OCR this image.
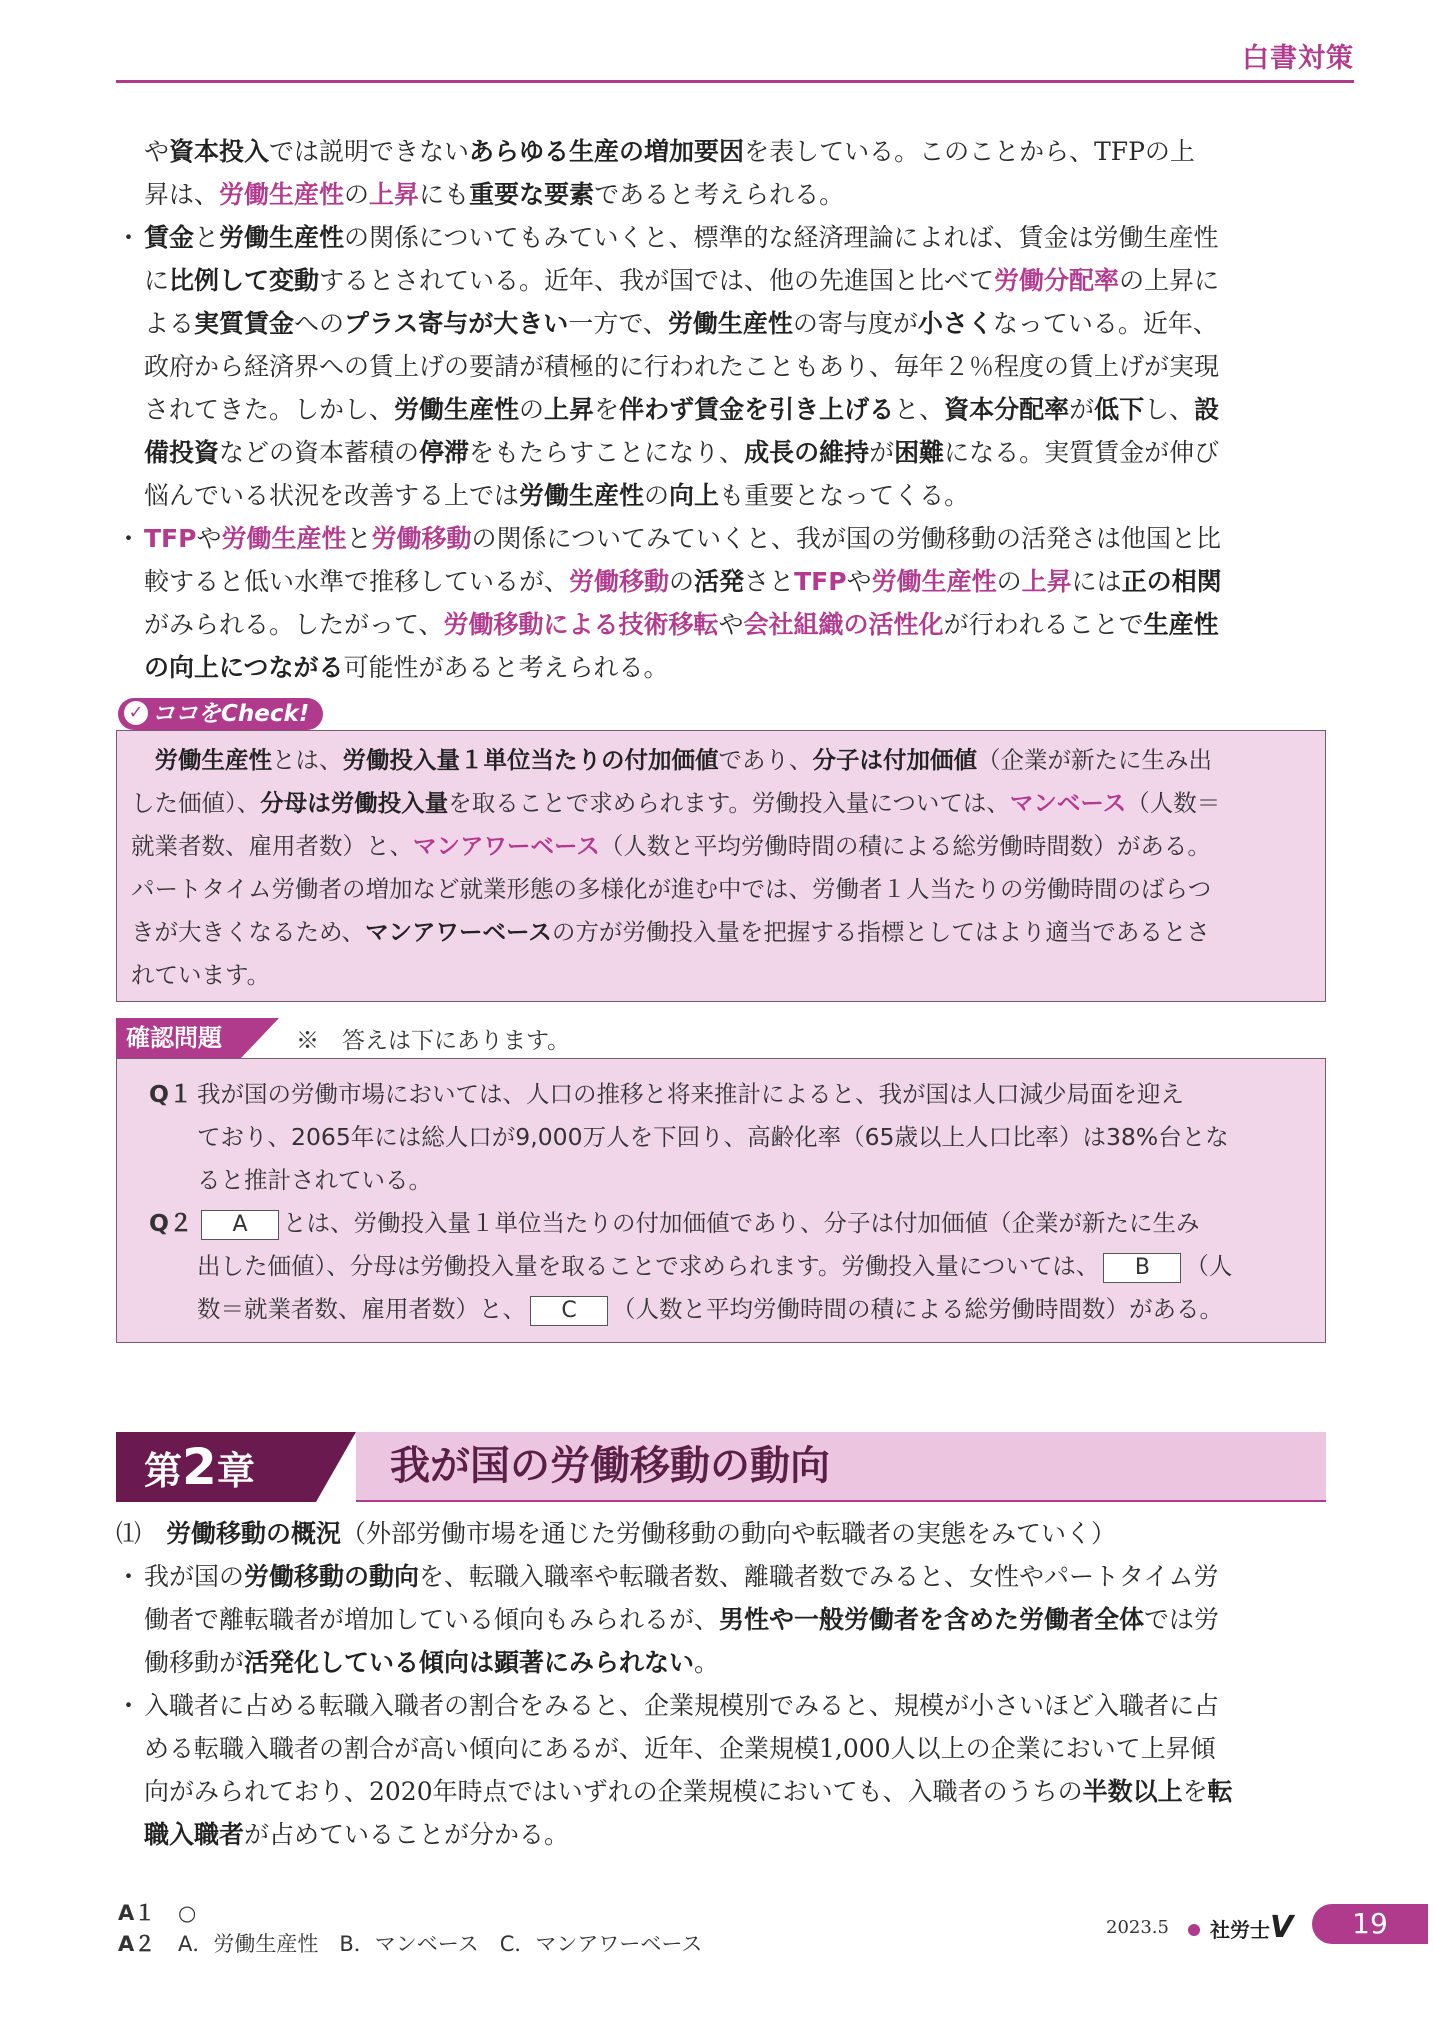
白書対策

や資本投入では説明できないあらゆる生産の増加要因を表している。このことから、TFPの上
昇は、労働生産性の上昇にも重要な要素であると考えられる。

・ 賃金と労働生産性の関係についてもみていくと、標準的な経済理論によれば、賃金は労働生産性
に比例して変動するとされている。近年、我が国では、他の先進国と比べて労働分配率の上昇に
よる実質賃金へのプラス寄与が大きい一方で、労働生産性の寄与度が小さくなっている。近年、
政府から経済界への賃上げの要請が積極的に行われたこともあり、毎年２％程度の賃上げが実現
されてきた。しかし、労働生産性の上昇を伴わず賃金を引き上げると、資本分配率が低下し、設
備投資などの資本蓄積の停滞をもたらすことになり、成長の維持が困難になる。実質賃金が伸び
悩んでいる状況を改善する上では労働生産性の向上も重要となってくる。

・ TFPや労働生産性と労働移動の関係についてみていくと、我が国の労働移動の活発さは他国と比
較すると低い水準で推移しているが、労働移動の活発さとTFPや労働生産性の上昇には正の相関
がみられる。したがって、労働移動による技術移転や会社組織の活性化が行われることで生産性
の向上につながる可能性があると考えられる。

✓ ココをCheck!
　労働生産性とは、労働投入量１単位当たりの付加価値であり、分子は付加価値（企業が新たに生み出
した価値）、分母は労働投入量を取ることで求められます。労働投入量については、マンベース（人数＝
就業者数、雇用者数）と、マンアワーベース（人数と平均労働時間の積による総労働時間数）がある。
パートタイム労働者の増加など就業形態の多様化が進む中では、労働者１人当たりの労働時間のばらつ
きが大きくなるため、マンアワーベースの方が労働投入量を把握する指標としてはより適当であるとさ
れています。
確認問題	※　答えは下にあります。
Q１ 我が国の労働市場においては、人口の推移と将来推計によると、我が国は人口減少局面を迎え
ており、2065年には総人口が9,000万人を下回り、高齢化率（65歳以上人口比率）は38%台とな
ると推計されている。
Q２ A とは、労働投入量１単位当たりの付加価値であり、分子は付加価値（企業が新たに生み
出した価値）、分母は労働投入量を取ることで求められます。労働投入量については、 B （人
数＝就業者数、雇用者数）と、 C （人数と平均労働時間の積による総労働時間数）がある。
第2章	我が国の労働移動の動向

⑴　労働移動の概況（外部労働市場を通じた労働移動の動向や転職者の実態をみていく）

・ 我が国の労働移動の動向を、転職入職率や転職者数、離職者数でみると、女性やパートタイム労
働者で離転職者が増加している傾向もみられるが、男性や一般労働者を含めた労働者全体では労
働移動が活発化している傾向は顕著にみられない。

・ 入職者に占める転職入職者の割合をみると、企業規模別でみると、規模が小さいほど入職者に占
める転職入職者の割合が高い傾向にあるが、近年、企業規模1,000人以上の企業において上昇傾
向がみられており、2020年時点ではいずれの企業規模においても、入職者のうちの半数以上を転
職入職者が占めていることが分かる。

A１ ○
A２ A．労働生産性　B．マンベース　C．マンアワーベース
2023.5 社労士V	19
